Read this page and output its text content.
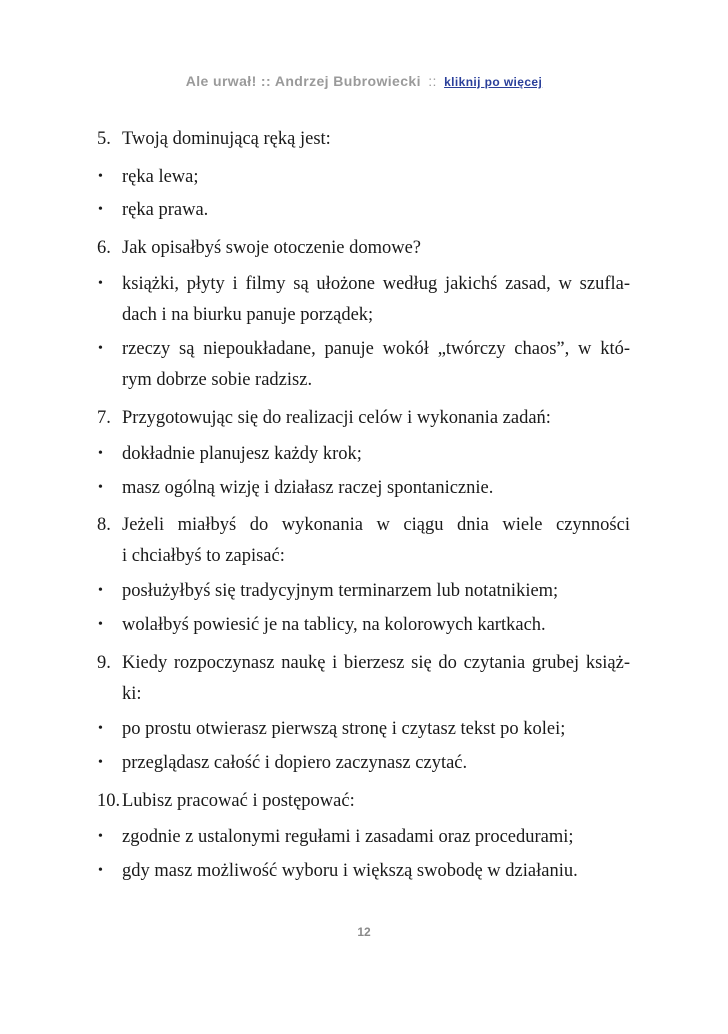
Ale urwał! :: Andrzej Bubrowiecki :: kliknij po więcej
5. Twoją dominującą ręką jest:
• ręka lewa;
• ręka prawa.
6. Jak opisałbyś swoje otoczenie domowe?
• książki, płyty i filmy są ułożone według jakichś zasad, w szufla-
dach i na biurku panuje porządek;
• rzeczy są niepoukładane, panuje wokół „twórczy chaos”, w któ-
rym dobrze sobie radzisz.
7. Przygotowując się do realizacji celów i wykonania zadań:
• dokładnie planujesz każdy krok;
• masz ogólną wizję i działasz raczej spontanicznie.
8. Jeżeli miałbyś do wykonania w ciągu dnia wiele czynności
i chciałbyś to zapisać:
• posłużyłbyś się tradycyjnym terminarzem lub notatnikiem;
• wolałbyś powiesić je na tablicy, na kolorowych kartkach.
9. Kiedy rozpoczynasz naukę i bierzesz się do czytania grubej książ-
ki:
• po prostu otwierasz pierwszą stronę i czytasz tekst po kolei;
• przeglądasz całość i dopiero zaczynasz czytać.
10. Lubisz pracować i postępować:
• zgodnie z ustalonymi regułami i zasadami oraz procedurami;
• gdy masz możliwość wyboru i większą swobodę w działaniu.
12
